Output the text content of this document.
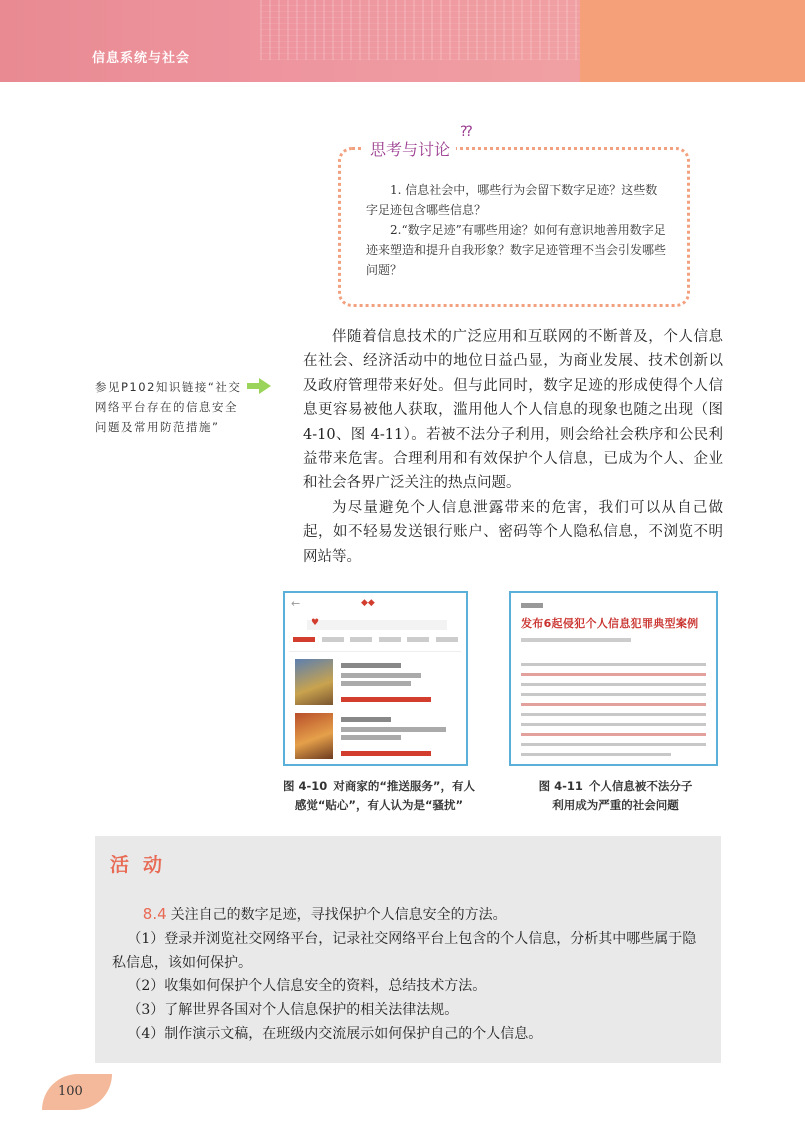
信息系统与社会
思考与讨论
??

1. 信息社会中，哪些行为会留下数字足迹？这些数字足迹包含哪些信息？

2.“数字足迹”有哪些用途？如何有意识地善用数字足迹来塑造和提升自我形象？数字足迹管理不当会引发哪些问题？

参见P102知识链接“社交网络平台存在的信息安全问题及常用防范措施”

伴随着信息技术的广泛应用和互联网的不断普及，个人信息在社会、经济活动中的地位日益凸显，为商业发展、技术创新以及政府管理带来好处。但与此同时，数字足迹的形成使得个人信息更容易被他人获取，滥用他人个人信息的现象也随之出现（图 4-10、图 4-11）。若被不法分子利用，则会给社会秩序和公民利益带来危害。合理利用和有效保护个人信息，已成为个人、企业和社会各界广泛关注的热点问题。

为尽量避免个人信息泄露带来的危害，我们可以从自己做起，如不轻易发送银行账户、密码等个人隐私信息，不浏览不明网站等。

←	◆◆
♥
图 4-10 对商家的“推送服务”，有人
感觉“贴心”，有人认为是“骚扰”
发布6起侵犯个人信息犯罪典型案例
图 4-11 个人信息被不法分子
利用成为严重的社会问题
活动

8.4 关注自己的数字足迹，寻找保护个人信息安全的方法。

（1）登录并浏览社交网络平台，记录社交网络平台上包含的个人信息，分析其中哪些属于隐私信息，该如何保护。

（2）收集如何保护个人信息安全的资料，总结技术方法。

（3）了解世界各国对个人信息保护的相关法律法规。

（4）制作演示文稿，在班级内交流展示如何保护自己的个人信息。

100
